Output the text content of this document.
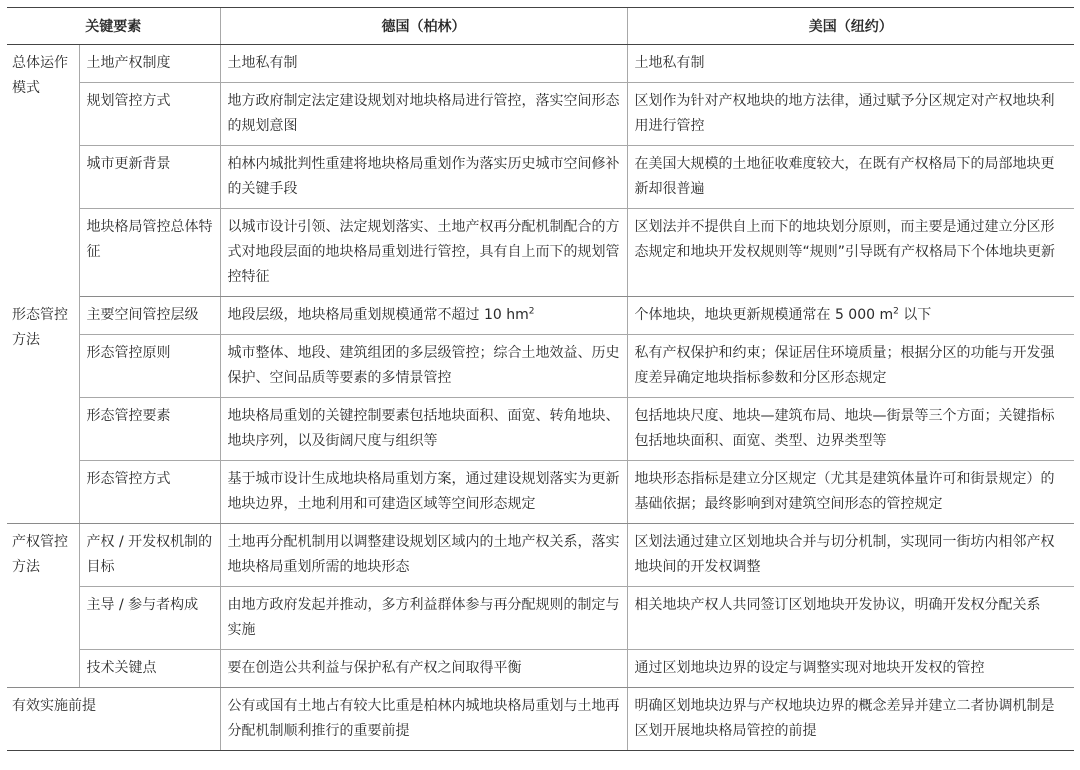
关键要素		德国（柏林）	美国（纽约）
总体运作模式	土地产权制度	土地私有制	土地私有制
	规划管控方式	地方政府制定法定建设规划对地块格局进行管控，落实空间形态的规划意图	区划作为针对产权地块的地方法律，通过赋予分区规定对产权地块利用进行管控
	城市更新背景	柏林内城批判性重建将地块格局重划作为落实历史城市空间修补的关键手段	在美国大规模的土地征收难度较大，在既有产权格局下的局部地块更新却很普遍
	地块格局管控总体特征	以城市设计引领、法定规划落实、土地产权再分配机制配合的方式对地段层面的地块格局重划进行管控，具有自上而下的规划管控特征	区划法并不提供自上而下的地块划分原则，而主要是通过建立分区形态规定和地块开发权规则等“规则”引导既有产权格局下个体地块更新
形态管控方法	主要空间管控层级	地段层级，地块格局重划规模通常不超过 10 $hm^2$	个体地块，地块更新规模通常在 5 000 $m^2$ 以下
	形态管控原则	城市整体、地段、建筑组团的多层级管控；综合土地效益、历史保护、空间品质等要素的多情景管控	私有产权保护和约束；保证居住环境质量；根据分区的功能与开发强度差异确定地块指标参数和分区形态规定
	形态管控要素	地块格局重划的关键控制要素包括地块面积、面宽、转角地块、地块序列，以及街阔尺度与组织等	包括地块尺度、地块—建筑布局、地块—街景等三个方面；关键指标包括地块面积、面宽、类型、边界类型等
	形态管控方式	基于城市设计生成地块格局重划方案，通过建设规划落实为更新地块边界，土地利用和可建造区域等空间形态规定	地块形态指标是建立分区规定（尤其是建筑体量许可和街景规定）的基础依据；最终影响到对建筑空间形态的管控规定
产权管控方法	产权 / 开发权机制的目标	土地再分配机制用以调整建设规划区域内的土地产权关系，落实地块格局重划所需的地块形态	区划法通过建立区划地块合并与切分机制，实现同一街坊内相邻产权地块间的开发权调整
	主导 / 参与者构成	由地方政府发起并推动，多方利益群体参与再分配规则的制定与实施	相关地块产权人共同签订区划地块开发协议，明确开发权分配关系
	技术关键点	要在创造公共利益与保护私有产权之间取得平衡	通过区划地块边界的设定与调整实现对地块开发权的管控
有效实施前提		公有或国有土地占有较大比重是柏林内城地块格局重划与土地再分配机制顺利推行的重要前提	明确区划地块边界与产权地块边界的概念差异并建立二者协调机制是区划开展地块格局管控的前提
